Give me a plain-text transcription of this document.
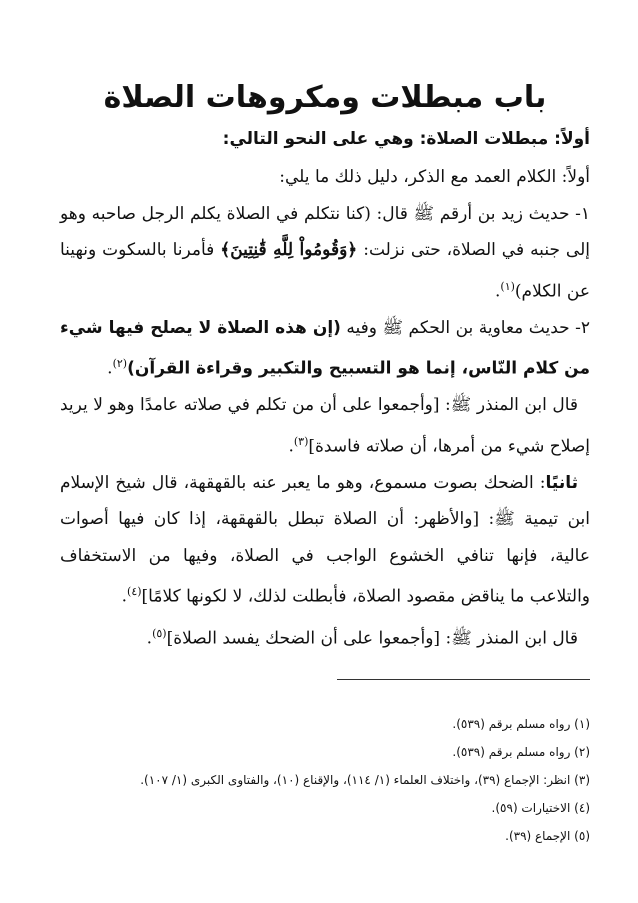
باب مبطلات ومكروهات الصلاة
أولاً: مبطلات الصلاة: وهي على النحو التالي:

أولاً: الكلام العمد مع الذكر، دليل ذلك ما يلي:

١- حديث زيد بن أرقم ﷺ قال: (كنا نتكلم في الصلاة يكلم الرجل صاحبه وهو إلى جنبه في الصلاة، حتى نزلت: ﴿وَقُومُواْ لِلَّهِ قَٰنِتِينَ﴾ فأمرنا بالسكوت ونهينا عن الكلام)$^{(١)}$.

٢- حديث معاوية بن الحكم ﷺ وفيه (إن هذه الصلاة لا يصلح فيها شيء من كلام النّاس، إنما هو التسبيح والتكبير وقراءة القرآن)$^{(٢)}$.

قال ابن المنذر ﷺ: [وأجمعوا على أن من تكلم في صلاته عامدًا وهو لا يريد إصلاح شيء من أمرها، أن صلاته فاسدة]$^{(٣)}$.

ثانيًا: الضحك بصوت مسموع، وهو ما يعبر عنه بالقهقهة، قال شيخ الإسلام ابن تيمية ﷺ: [والأظهر: أن الصلاة تبطل بالقهقهة، إذا كان فيها أصوات عالية، فإنها تنافي الخشوع الواجب في الصلاة، وفيها من الاستخفاف والتلاعب ما يناقض مقصود الصلاة، فأبطلت لذلك، لا لكونها كلامًا]$^{(٤)}$.

قال ابن المنذر ﷺ: [وأجمعوا على أن الضحك يفسد الصلاة]$^{(٥)}$.

(١) رواه مسلم برقم (٥٣٩).
(٢) رواه مسلم برقم (٥٣٩).
(٣) انظر: الإجماع (٣٩)، واختلاف العلماء (١/ ١١٤)، والإقناع (١٠)، والفتاوى الكبرى (١/ ١٠٧).
(٤) الاختيارات (٥٩).
(٥) الإجماع (٣٩).
